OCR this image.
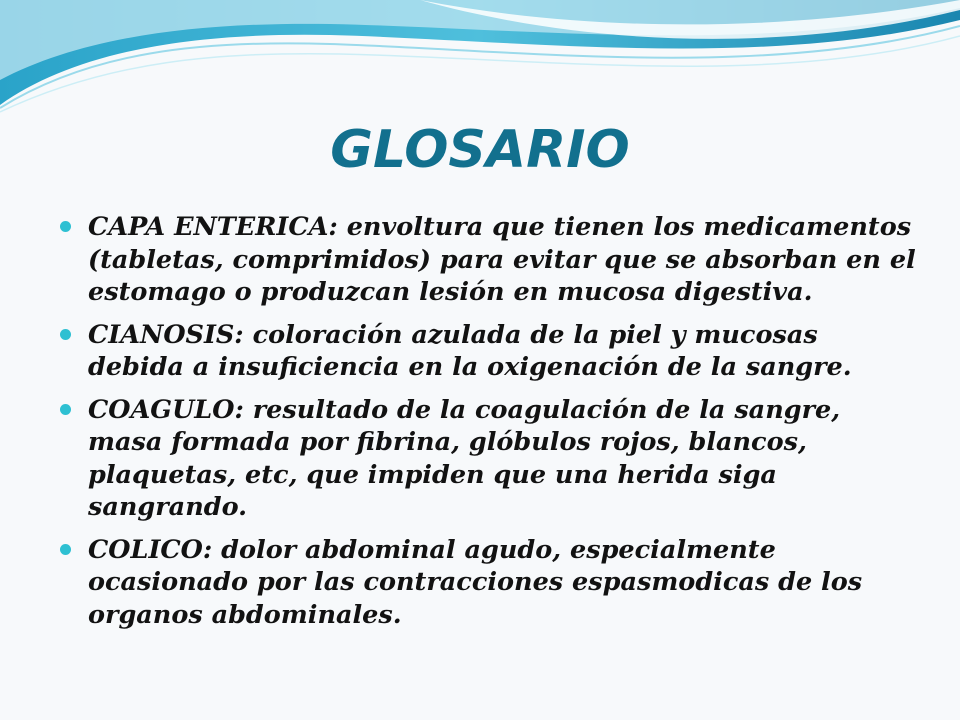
GLOSARIO
CAPA ENTERICA: envoltura que tienen los medicamentos (tabletas, comprimidos) para evitar que se absorban en el estomago o produzcan lesión en mucosa digestiva.
CIANOSIS: coloración azulada de la piel y mucosas debida a insuficiencia en la oxigenación de la sangre.
COAGULO: resultado de la coagulación de la sangre, masa formada por fibrina, glóbulos rojos, blancos, plaquetas, etc, que impiden que una herida siga sangrando.
COLICO: dolor abdominal agudo, especialmente ocasionado por las contracciones espasmodicas de los organos abdominales.
